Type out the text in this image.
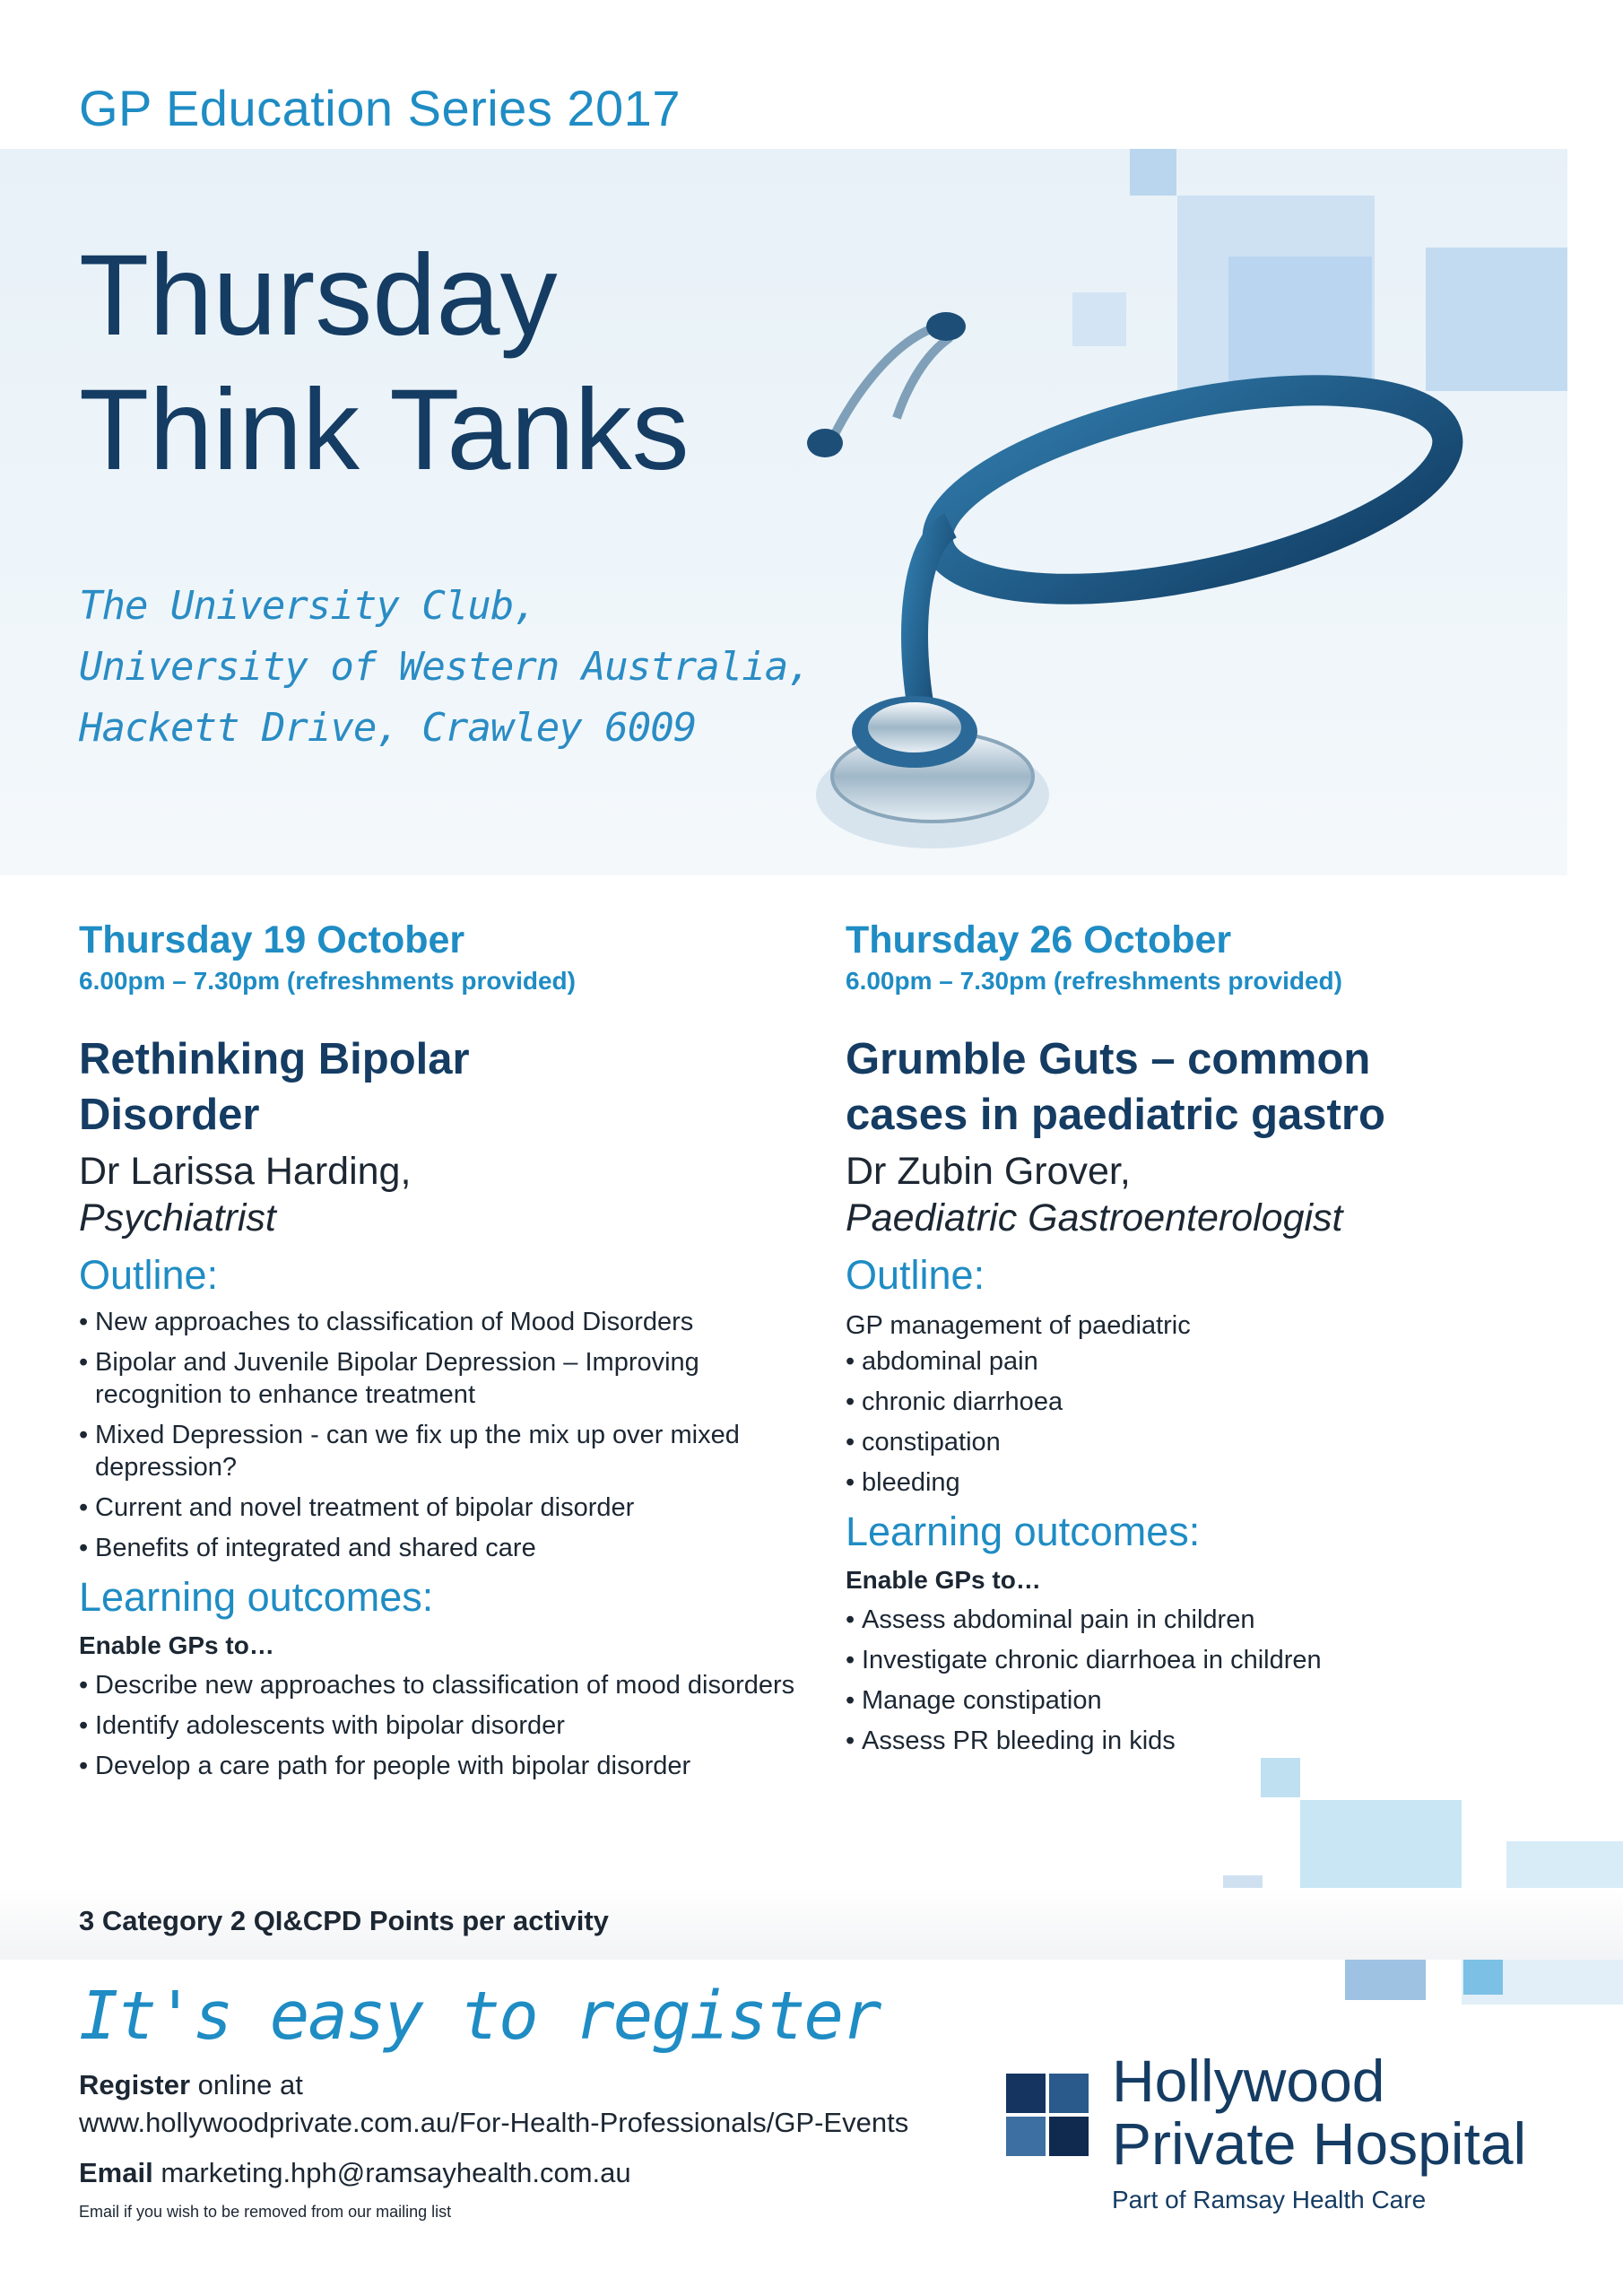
GP Education Series 2017
Thursday
Think Tanks
The University Club,
University of Western Australia,
Hackett Drive, Crawley 6009

Thursday 19 October

6.00pm – 7.30pm (refreshments provided)

Rethinking Bipolar
Disorder

Dr Larissa Harding,

Psychiatrist

Outline:

• New approaches to classification of Mood Disorders
• Bipolar and Juvenile Bipolar Depression – Improving recognition to enhance treatment
• Mixed Depression - can we fix up the mix up over mixed depression?
• Current and novel treatment of bipolar disorder
• Benefits of integrated and shared care

Learning outcomes:

Enable GPs to…

• Describe new approaches to classification of mood disorders
• Identify adolescents with bipolar disorder
• Develop a care path for people with bipolar disorder

Thursday 26 October

6.00pm – 7.30pm (refreshments provided)

Grumble Guts – common
cases in paediatric gastro

Dr Zubin Grover,

Paediatric Gastroenterologist

Outline:

GP management of paediatric

• abdominal pain
• chronic diarrhoea
• constipation
• bleeding

Learning outcomes:

Enable GPs to…

• Assess abdominal pain in children
• Investigate chronic diarrhoea in children
• Manage constipation
• Assess PR bleeding in kids
3 Category 2 QI&CPD Points per activity
It's easy to register
Register online at
www.hollywoodprivate.com.au/For-Health-Professionals/GP-Events
Email marketing.hph@ramsayhealth.com.au
Email if you wish to be removed from our mailing list
Hollywood
Private Hospital
Part of Ramsay Health Care
